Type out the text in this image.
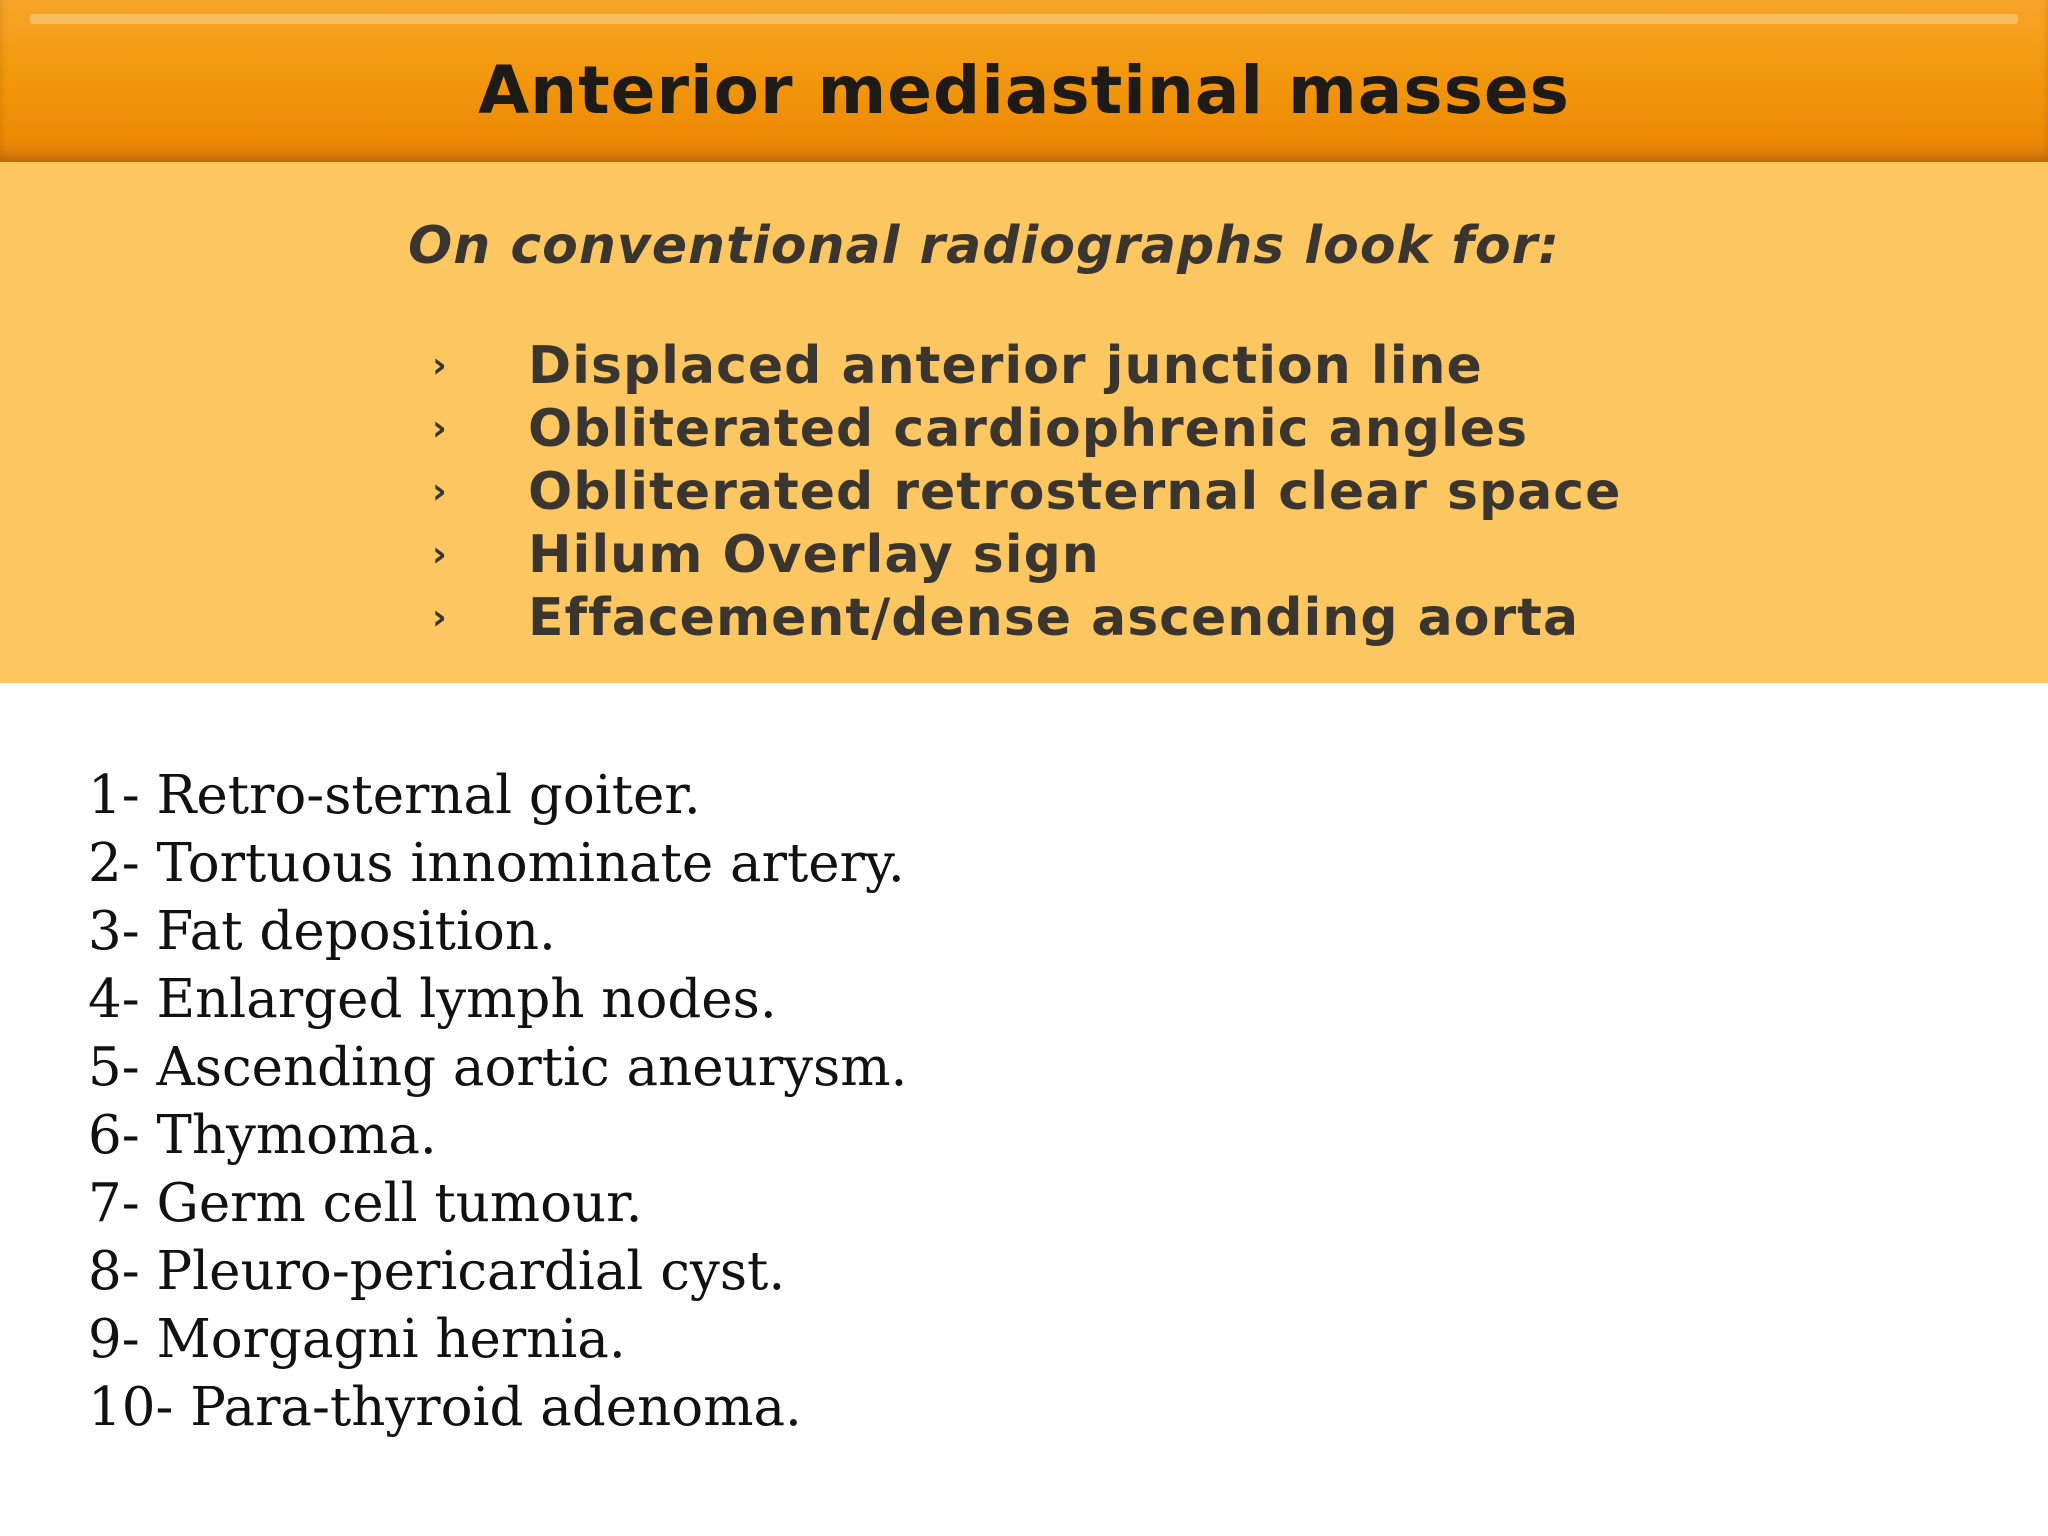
Anterior mediastinal masses
On conventional radiographs look for:
›	Displaced anterior junction line
›	Obliterated cardiophrenic angles
›	Obliterated retrosternal clear space
›	Hilum Overlay sign
›	Effacement/dense ascending aorta
1- Retro-sternal goiter.
2- Tortuous innominate artery.
3- Fat deposition.
4- Enlarged lymph nodes.
5- Ascending aortic aneurysm.
6- Thymoma.
7- Germ cell tumour.
8- Pleuro-pericardial cyst.
9- Morgagni hernia.
10- Para-thyroid adenoma.
